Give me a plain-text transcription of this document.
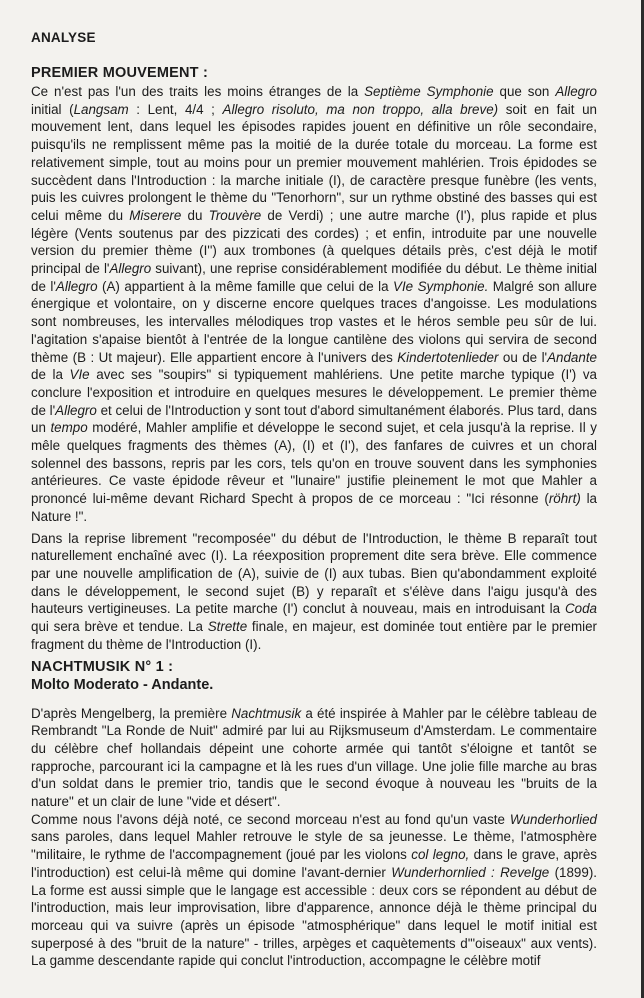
ANALYSE
PREMIER MOUVEMENT :

Ce n'est pas l'un des traits les moins étranges de la Septième Symphonie que son Allegro initial (Langsam : Lent, 4/4 ; Allegro risoluto, ma non troppo, alla breve) soit en fait un mouvement lent, dans lequel les épisodes rapides jouent en définitive un rôle secondaire, puisqu'ils ne remplissent même pas la moitié de la durée totale du morceau. La forme est relativement simple, tout au moins pour un premier mouvement mahlérien. Trois épidodes se succèdent dans l'Introduction : la marche initiale (I), de caractère presque funèbre (les vents, puis les cuivres prolongent le thème du "Tenorhorn", sur un rythme obstiné des basses qui est celui même du Miserere du Trouvère de Verdi) ; une autre marche (I'), plus rapide et plus légère (Vents soutenus par des pizzicati des cordes) ; et enfin, introduite par une nouvelle version du premier thème (I'') aux trombones (à quelques détails près, c'est déjà le motif principal de l'Allegro suivant), une reprise considérablement modifiée du début. Le thème initial de l'Allegro (A) appartient à la même famille que celui de la VIe Symphonie. Malgré son allure énergique et volontaire, on y discerne encore quelques traces d'angoisse. Les modulations sont nombreuses, les intervalles mélodiques trop vastes et le héros semble peu sûr de lui. l'agitation s'apaise bientôt à l'entrée de la longue cantilène des violons qui servira de second thème (B : Ut majeur). Elle appartient encore à l'univers des Kindertotenlieder ou de l'Andante de la VIe avec ses "soupirs" si typiquement mahlériens. Une petite marche typique (I') va conclure l'exposition et introduire en quelques mesures le développement. Le premier thème de l'Allegro et celui de l'Introduction y sont tout d'abord simultanément élaborés. Plus tard, dans un tempo modéré, Mahler amplifie et développe le second sujet, et cela jusqu'à la reprise. Il y mêle quelques fragments des thèmes (A), (I) et (I'), des fanfares de cuivres et un choral solennel des bassons, repris par les cors, tels qu'on en trouve souvent dans les symphonies antérieures. Ce vaste épidode rêveur et "lunaire" justifie pleinement le mot que Mahler a prononcé lui-même devant Richard Specht à propos de ce morceau : "Ici résonne (röhrt) la Nature !".

Dans la reprise librement "recomposée" du début de l'Introduction, le thème B reparaît tout naturellement enchaîné avec (I). La réexposition proprement dite sera brève. Elle commence par une nouvelle amplification de (A), suivie de (I) aux tubas. Bien qu'abondamment exploité dans le développement, le second sujet (B) y reparaît et s'élève dans l'aigu jusqu'à des hauteurs vertigineuses. La petite marche (I') conclut à nouveau, mais en introduisant la Coda qui sera brève et tendue. La Strette finale, en majeur, est dominée tout entière par le premier fragment du thème de l'Introduction (I).

NACHTMUSIK N° 1 :
Molto Moderato - Andante.

D'après Mengelberg, la première Nachtmusik a été inspirée à Mahler par le célèbre tableau de Rembrandt "La Ronde de Nuit" admiré par lui au Rijksmuseum d'Amsterdam. Le commentaire du célèbre chef hollandais dépeint une cohorte armée qui tantôt s'éloigne et tantôt se rapproche, parcourant ici la campagne et là les rues d'un village. Une jolie fille marche au bras d'un soldat dans le premier trio, tandis que le second évoque à nouveau les "bruits de la nature" et un clair de lune "vide et désert".

Comme nous l'avons déjà noté, ce second morceau n'est au fond qu'un vaste Wunderhorlied sans paroles, dans lequel Mahler retrouve le style de sa jeunesse. Le thème, l'atmosphère "militaire, le rythme de l'accompagnement (joué par les violons col legno, dans le grave, après l'introduction) est celui-là même qui domine l'avant-dernier Wunderhornlied : Revelge (1899). La forme est aussi simple que le langage est accessible : deux cors se répondent au début de l'introduction, mais leur improvisation, libre d'apparence, annonce déjà le thème principal du morceau qui va suivre (après un épisode "atmosphérique" dans lequel le motif initial est superposé à des "bruit de la nature" - trilles, arpèges et caquètements d'"oiseaux" aux vents). La gamme descendante rapide qui conclut l'introduction, accompagne le célèbre motif
